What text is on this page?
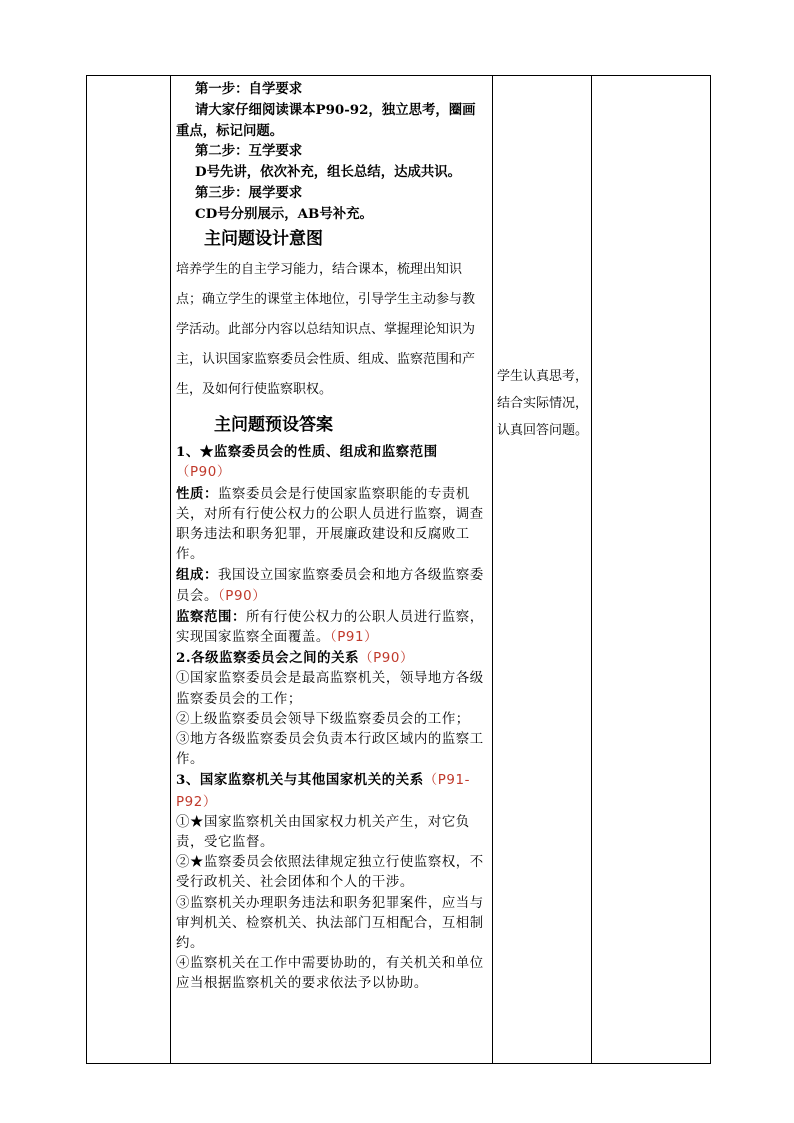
第一步：自学要求
请大家仔细阅读课本P90-92，独立思考，圈画重点，标记问题。
第二步：互学要求
D号先讲，依次补充，组长总结，达成共识。
第三步：展学要求
CD号分别展示，AB号补充。
主问题设计意图
培养学生的自主学习能力，结合课本，梳理出知识点；确立学生的课堂主体地位，引导学生主动参与教学活动。此部分内容以总结知识点、掌握理论知识为主，认识国家监察委员会性质、组成、监察范围和产生，及如何行使监察职权。
主问题预设答案
1、★监察委员会的性质、组成和监察范围（P90）
性质：监察委员会是行使国家监察职能的专责机关，对所有行使公权力的公职人员进行监察，调查职务违法和职务犯罪，开展廉政建设和反腐败工作。
组成：我国设立国家监察委员会和地方各级监察委员会。（P90）
监察范围：所有行使公权力的公职人员进行监察，实现国家监察全面覆盖。（P91）
2.各级监察委员会之间的关系（P90）
①国家监察委员会是最高监察机关，领导地方各级监察委员会的工作；
②上级监察委员会领导下级监察委员会的工作；
③地方各级监察委员会负责本行政区域内的监察工作。
3、国家监察机关与其他国家机关的关系（P91-P92）
①★国家监察机关由国家权力机关产生，对它负责，受它监督。
②★监察委员会依照法律规定独立行使监察权，不受行政机关、社会团体和个人的干涉。
③监察机关办理职务违法和职务犯罪案件，应当与审判机关、检察机关、执法部门互相配合，互相制约。
④监察机关在工作中需要协助的，有关机关和单位应当根据监察机关的要求依法予以协助。

学生认真思考，
结合实际情况，
认真回答问题。
